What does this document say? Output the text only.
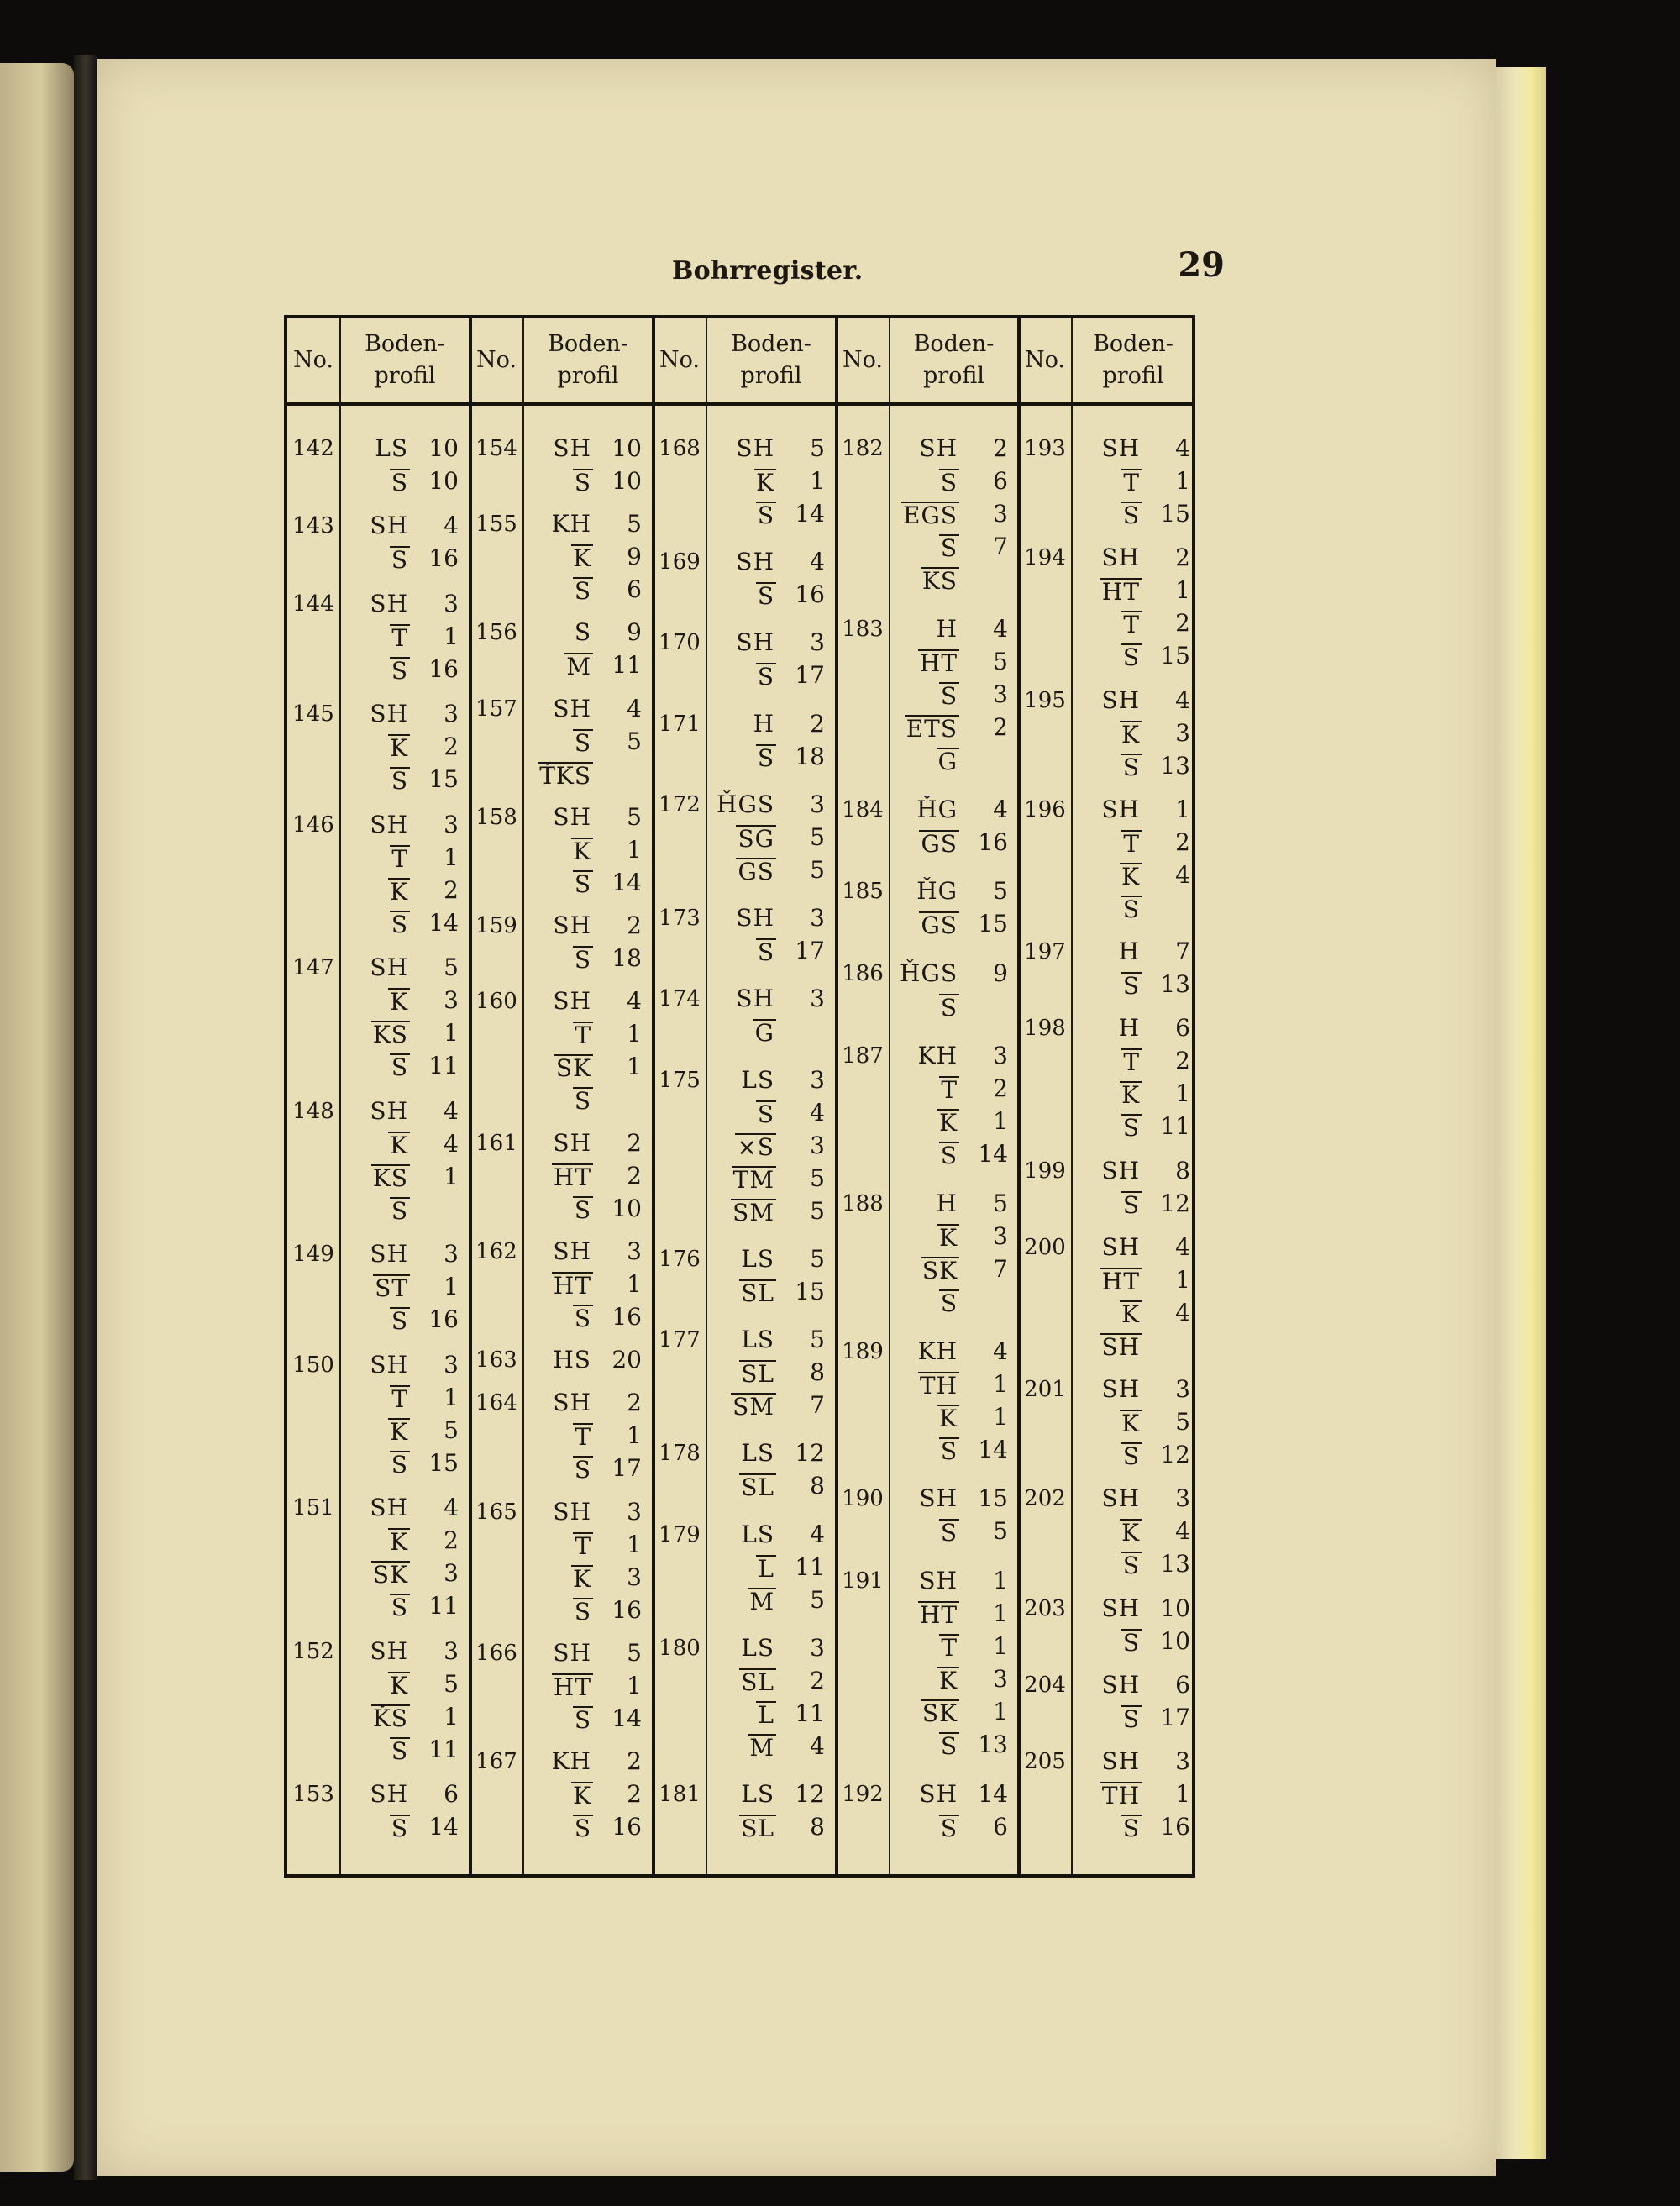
Bohrregister.	29
No.
Boden-
profil
142	LS 10
S 10
143	SH	4
S 16
144	SH	3
T	1
S 16
145	SH	3
K	2
S 15
146	SH	3
T	1
K	2
S 14
147	SH	5
K	3
KS	1
S 11
148	SH	4
K	4
KS	1
S
149	SH	3
ST	1
S 16
150	SH	3
T	1
K	5
S 15
151	SH	4
K	2
SK	3
S 11
152	SH	3
K	5
ǨS	1
S 11
153	SH	6
S 14
No.
Boden-
profil
154	SH 10
S 10
155	KH	5
K	9
S	6
156	S	9
M 11
157	SH	4
S	5
ŤKS
158	SH	5
K	1
S 14
159	SH	2
S 18
160	SH	4
T	1
SK	1
S
161	SH	2
HT	2
S 10
162	SH	3
HT	1
S 16
163	HS 20
164	SH	2
T	1
S 17
165	SH	3
T	1
K	3
S 16
166	SH	5
HT	1
S 14
167	KH	2
K	2
S 16
No.
Boden-
profil
168	SH	5
K	1
S 14
169	SH	4
S 16
170	SH	3
S 17
171	H	2
S 18
172 ȞGS	3
SG	5
GS	5
173	SH	3
S 17
174	SH	3
G
175	LS	3
S	4
×S	3
TM	5
SM	5
176	LS	5
SL 15
177	LS	5
SL	8
SM	7
178	LS 12
SL	8
179	LS	4
L 11
M	5
180	LS	3
SL	2
L 11
M	4
181	LS 12
SL	8
No.
Boden-
profil
182	SH	2
S	6
EGS	3
S	7
KS
183	H	4
HT	5
S	3
ETS	2
G
184	ȞG	4
GS 16
185	ȞG	5
GS 15
186 ȞGS	9
S
187	KH	3
T	2
K	1
S 14
188	H	5
K	3
SK	7
S
189	KH	4
TH	1
K	1
S 14
190	SH 15
S	5
191	SH	1
HT	1
T	1
K	3
SK	1
S 13
192	SH 14
S	6
No.
Boden-
profil
193	SH	4
T	1
S 15
194	SH	2
HT	1
T	2
S 15
195	SH	4
K	3
S 13
196	SH	1
T	2
K	4
S
197	H	7
S 13
198	H	6
T	2
K	1
S 11
199	SH	8
S 12
200	SH	4
HT	1
K	4
SH
201	SH	3
K	5
S 12
202	SH	3
K	4
S 13
203	SH 10
S 10
204	SH	6
S 17
205	SH	3
TH	1
S 16
